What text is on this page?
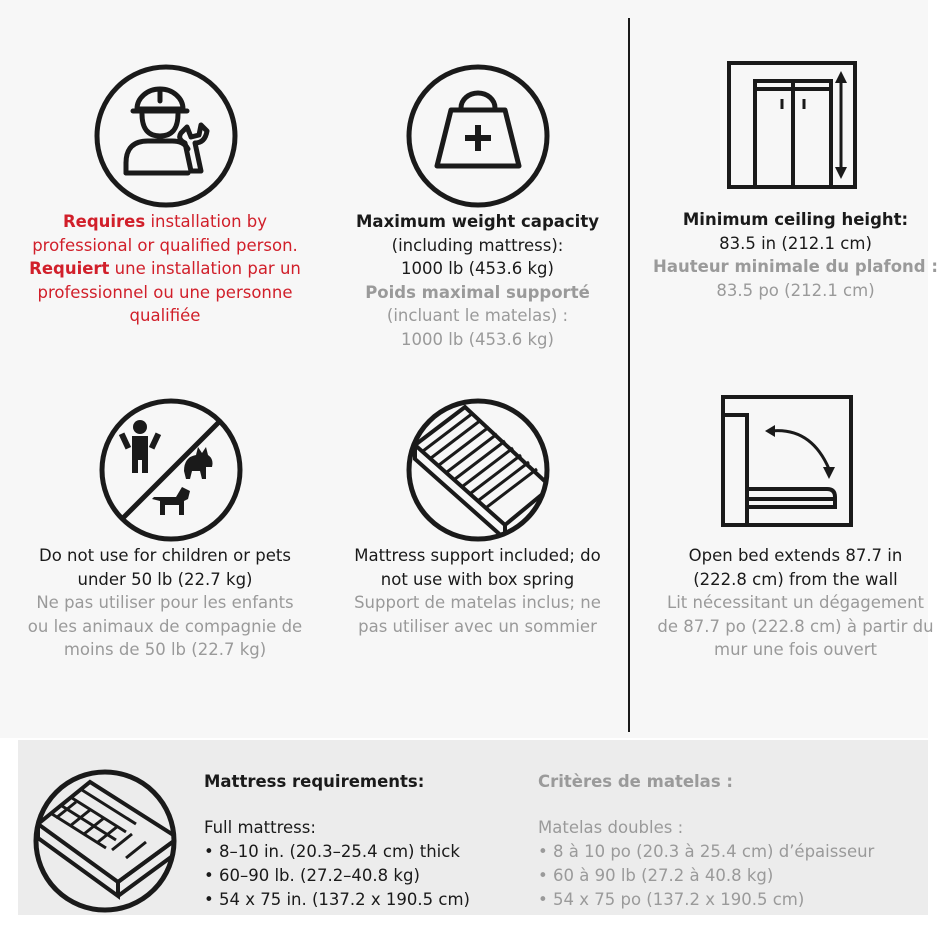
Requires installation by
professional or qualified person.
Requiert une installation par un
professionnel ou une personne
qualifiée
Maximum weight capacity
(including mattress):
1000 lb (453.6 kg)
Poids maximal supporté
(incluant le matelas) :
1000 lb (453.6 kg)
Minimum ceiling height:
83.5 in (212.1 cm)
Hauteur minimale du plafond :
83.5 po (212.1 cm)
Do not use for children or pets
under 50 lb (22.7 kg)
Ne pas utiliser pour les enfants
ou les animaux de compagnie de
moins de 50 lb (22.7 kg)
Mattress support included; do
not use with box spring
Support de matelas inclus; ne
pas utiliser avec un sommier
Open bed extends 87.7 in
(222.8 cm) from the wall
Lit nécessitant un dégagement
de 87.7 po (222.8 cm) à partir du
mur une fois ouvert
Mattress requirements:
Full mattress:
• 8–10 in. (20.3–25.4 cm) thick
• 60–90 lb. (27.2–40.8 kg)
• 54 x 75 in. (137.2 x 190.5 cm)
Critères de matelas :
Matelas doubles :
• 8 à 10 po (20.3 à 25.4 cm) d’épaisseur
• 60 à 90 lb (27.2 à 40.8 kg)
• 54 x 75 po (137.2 x 190.5 cm)
